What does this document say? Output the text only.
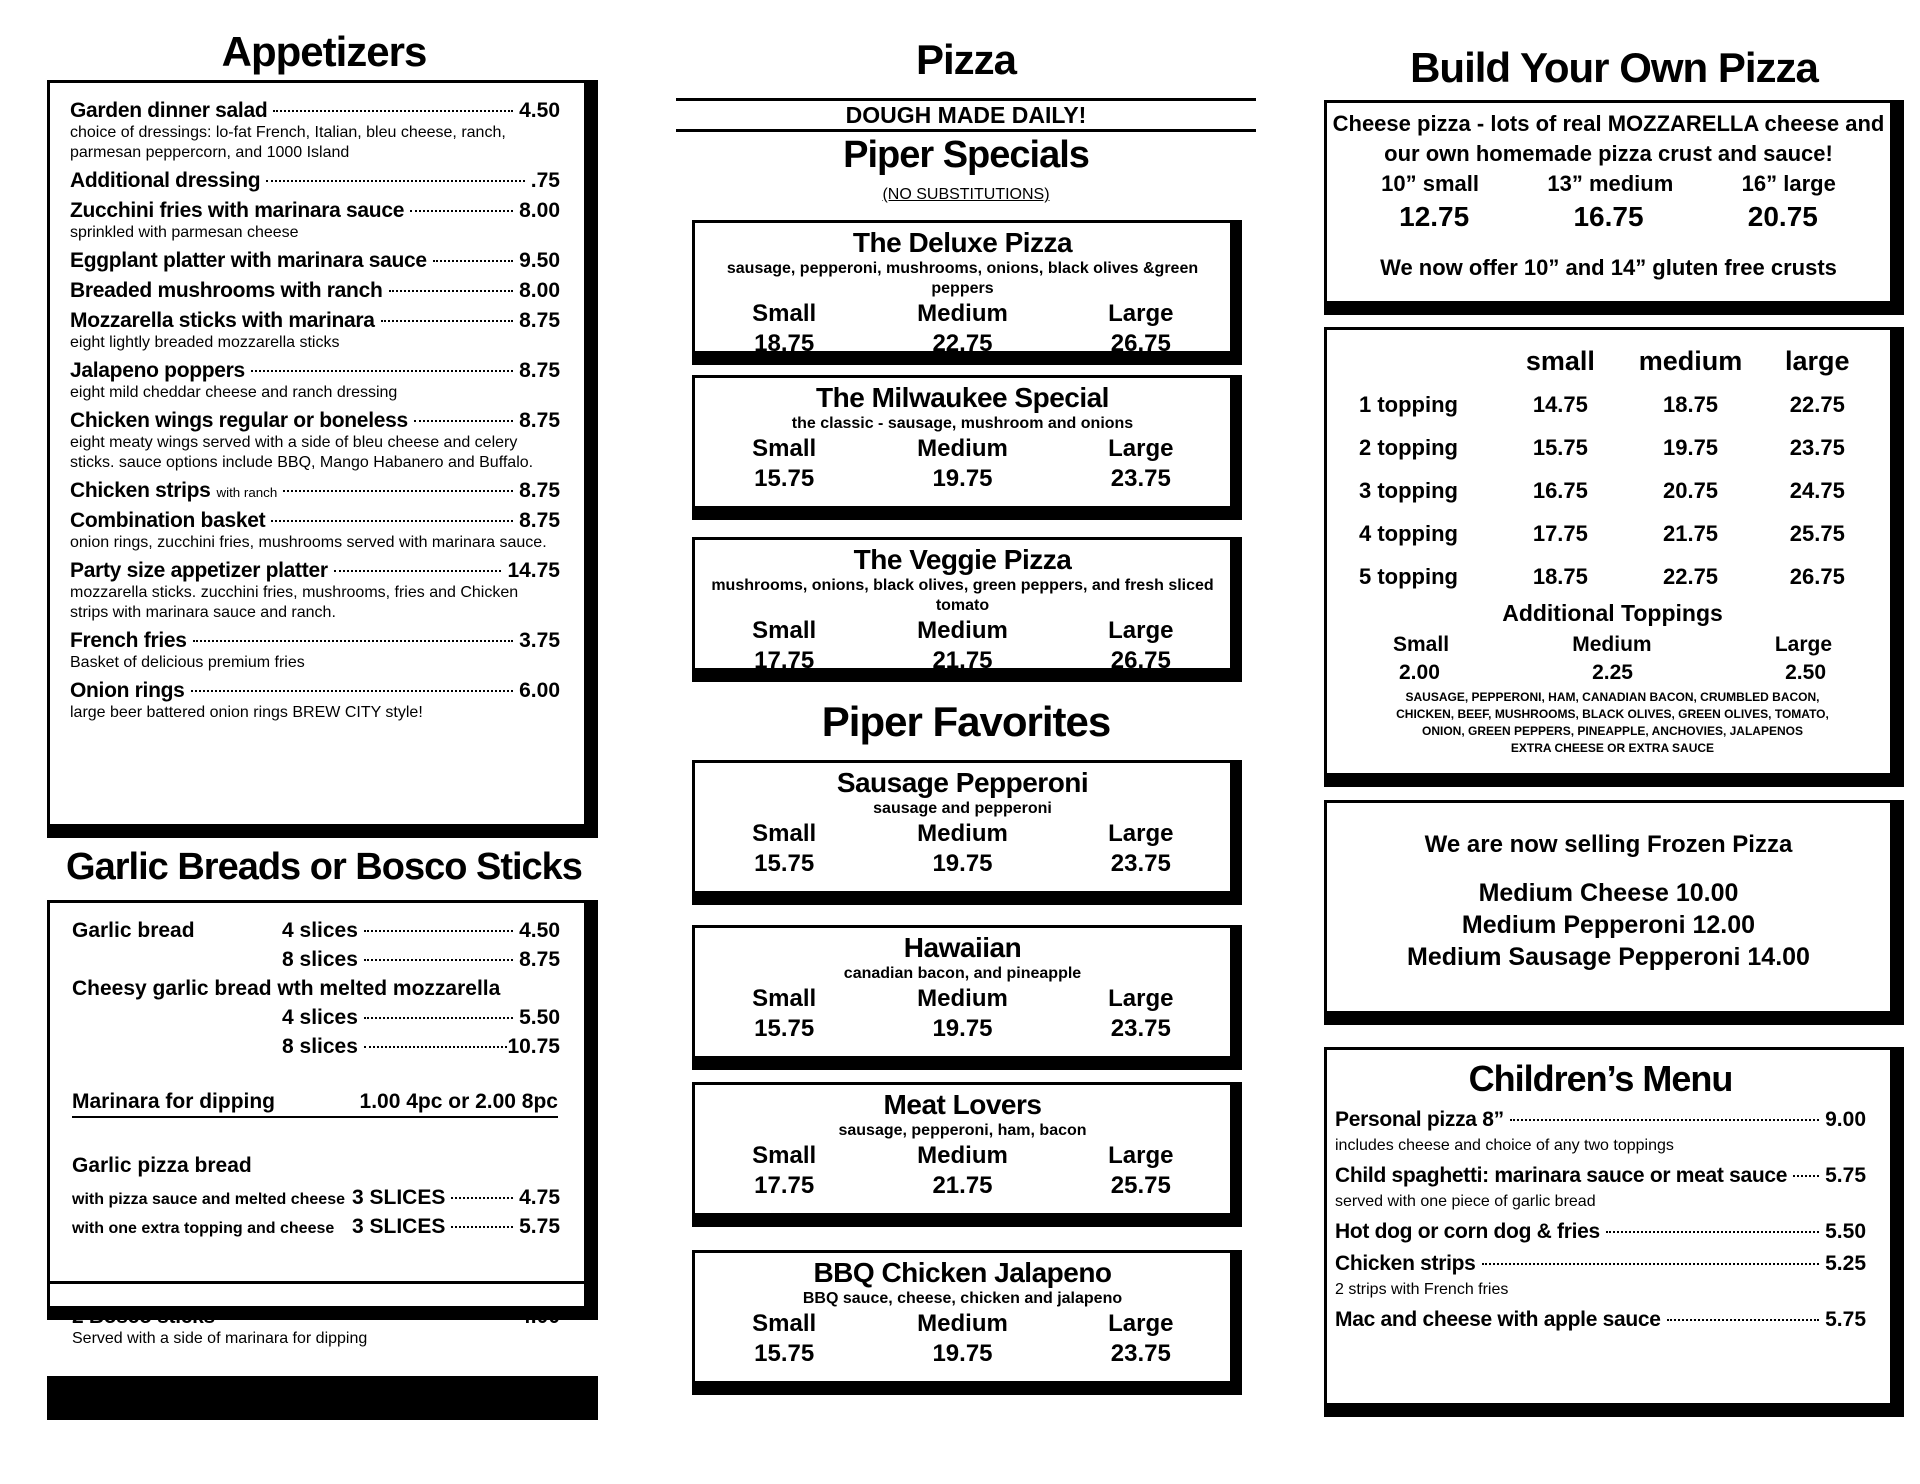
Appetizers
Garden dinner salad	4.50
choice of dressings: lo-fat French, Italian, bleu cheese, ranch, parmesan peppercorn, and 1000 Island
Additional dressing	.75
Zucchini fries with marinara sauce	8.00
sprinkled with parmesan cheese
Eggplant platter with marinara sauce	9.50
Breaded mushrooms with ranch	8.00
Mozzarella sticks with marinara	8.75
eight lightly breaded mozzarella sticks
Jalapeno poppers	8.75
eight mild cheddar cheese and ranch dressing
Chicken wings regular or boneless	8.75
eight meaty wings served with a side of bleu cheese and celery sticks. sauce options include BBQ, Mango Habanero and Buffalo.
Chicken strips with ranch	8.75
Combination basket	8.75
onion rings, zucchini fries, mushrooms served with marinara sauce.
Party size appetizer platter	14.75
mozzarella sticks. zucchini fries, mushrooms, fries and Chicken strips with marinara sauce and ranch.
French fries	3.75
Basket of delicious premium fries
Onion rings	6.00
large beer battered onion rings BREW CITY style!
Garlic Breads or Bosco Sticks
Garlic bread	4 slices	4.50
8 slices	8.75
Cheesy garlic bread wth melted mozzarella
4 slices	5.50
8 slices	10.75
Marinara for dipping	1.00 4pc or 2.00 8pc
Garlic pizza bread
with pizza sauce and melted cheese 3 SLICES	4.75
with one extra topping and cheese 3 SLICES	5.75
2 Bosco sticks	4.00
Served with a side of marinara for dipping
Pizza
DOUGH MADE DAILY!
Piper Specials
(NO SUBSTITUTIONS)
The Deluxe Pizza
sausage, pepperoni, mushrooms, onions, black olives &green peppers
Small	Medium	Large
18.75	22.75	26.75
The Milwaukee Special
the classic - sausage, mushroom and onions
Small	Medium	Large
15.75	19.75	23.75
The Veggie Pizza
mushrooms, onions, black olives, green peppers, and fresh sliced tomato
Small	Medium	Large
17.75	21.75	26.75
Piper Favorites
Sausage Pepperoni
sausage and pepperoni
Small	Medium	Large
15.75	19.75	23.75
Hawaiian
canadian bacon, and pineapple
Small	Medium	Large
15.75	19.75	23.75
Meat Lovers
sausage, pepperoni, ham, bacon
Small	Medium	Large
17.75	21.75	25.75
BBQ Chicken Jalapeno
BBQ sauce, cheese, chicken and jalapeno
Small	Medium	Large
15.75	19.75	23.75
Build Your Own Pizza
Cheese pizza - lots of real MOZZARELLA cheese and
our own homemade pizza crust and sauce!
10” small	13” medium	16” large
12.75	16.75	20.75
We now offer 10” and 14” gluten free crusts
	small	medium	large
1 topping	14.75	18.75	22.75
2 topping	15.75	19.75	23.75
3 topping	16.75	20.75	24.75
4 topping	17.75	21.75	25.75
5 topping	18.75	22.75	26.75
Additional Toppings
Small	Medium	Large
2.00	2.25	2.50
SAUSAGE, PEPPERONI, HAM, CANADIAN BACON, CRUMBLED BACON,
CHICKEN, BEEF, MUSHROOMS, BLACK OLIVES, GREEN OLIVES, TOMATO,
ONION, GREEN PEPPERS, PINEAPPLE, ANCHOVIES, JALAPENOS
EXTRA CHEESE OR EXTRA SAUCE
We are now selling Frozen Pizza
Medium Cheese 10.00
Medium Pepperoni 12.00
Medium Sausage Pepperoni 14.00
Children’s Menu
Personal pizza 8”	9.00
includes cheese and choice of any two toppings
Child spaghetti: marinara sauce or meat sauce 5.75
served with one piece of garlic bread
Hot dog or corn dog & fries	5.50
Chicken strips	5.25
2 strips with French fries
Mac and cheese with apple sauce	5.75
